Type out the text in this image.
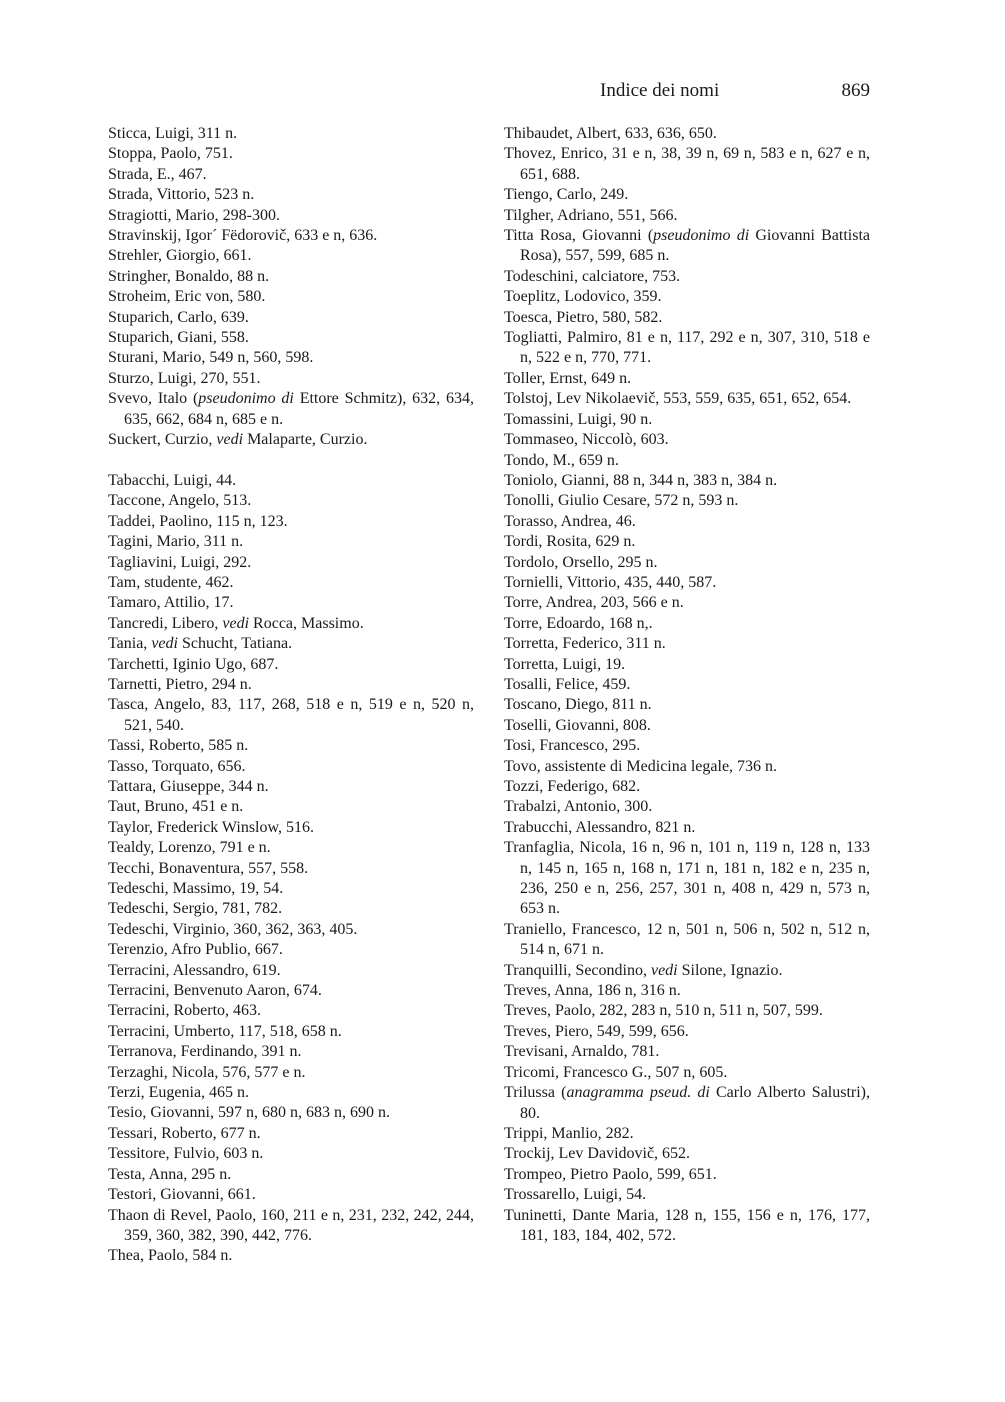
Indice dei nomi	869
Sticca, Luigi, 311 n.
Stoppa, Paolo, 751.
Strada, E., 467.
Strada, Vittorio, 523 n.
Stragiotti, Mario, 298-300.
Stravinskij, Igor´ Fëdorovič, 633 e n, 636.
Strehler, Giorgio, 661.
Stringher, Bonaldo, 88 n.
Stroheim, Eric von, 580.
Stuparich, Carlo, 639.
Stuparich, Giani, 558.
Sturani, Mario, 549 n, 560, 598.
Sturzo, Luigi, 270, 551.
Svevo, Italo (pseudonimo di Ettore Schmitz), 632, 634, 635, 662, 684 n, 685 e n.
Suckert, Curzio, vedi Malaparte, Curzio.
Tabacchi, Luigi, 44.
Taccone, Angelo, 513.
Taddei, Paolino, 115 n, 123.
Tagini, Mario, 311 n.
Tagliavini, Luigi, 292.
Tam, studente, 462.
Tamaro, Attilio, 17.
Tancredi, Libero, vedi Rocca, Massimo.
Tania, vedi Schucht, Tatiana.
Tarchetti, Iginio Ugo, 687.
Tarnetti, Pietro, 294 n.
Tasca, Angelo, 83, 117, 268, 518 e n, 519 e n, 520 n, 521, 540.
Tassi, Roberto, 585 n.
Tasso, Torquato, 656.
Tattara, Giuseppe, 344 n.
Taut, Bruno, 451 e n.
Taylor, Frederick Winslow, 516.
Tealdy, Lorenzo, 791 e n.
Tecchi, Bonaventura, 557, 558.
Tedeschi, Massimo, 19, 54.
Tedeschi, Sergio, 781, 782.
Tedeschi, Virginio, 360, 362, 363, 405.
Terenzio, Afro Publio, 667.
Terracini, Alessandro, 619.
Terracini, Benvenuto Aaron, 674.
Terracini, Roberto, 463.
Terracini, Umberto, 117, 518, 658 n.
Terranova, Ferdinando, 391 n.
Terzaghi, Nicola, 576, 577 e n.
Terzi, Eugenia, 465 n.
Tesio, Giovanni, 597 n, 680 n, 683 n, 690 n.
Tessari, Roberto, 677 n.
Tessitore, Fulvio, 603 n.
Testa, Anna, 295 n.
Testori, Giovanni, 661.
Thaon di Revel, Paolo, 160, 211 e n, 231, 232, 242, 244, 359, 360, 382, 390, 442, 776.
Thea, Paolo, 584 n.
Thibaudet, Albert, 633, 636, 650.
Thovez, Enrico, 31 e n, 38, 39 n, 69 n, 583 e n, 627 e n, 651, 688.
Tiengo, Carlo, 249.
Tilgher, Adriano, 551, 566.
Titta Rosa, Giovanni (pseudonimo di Giovanni Battista Rosa), 557, 599, 685 n.
Todeschini, calciatore, 753.
Toeplitz, Lodovico, 359.
Toesca, Pietro, 580, 582.
Togliatti, Palmiro, 81 e n, 117, 292 e n, 307, 310, 518 e n, 522 e n, 770, 771.
Toller, Ernst, 649 n.
Tolstoj, Lev Nikolaevič, 553, 559, 635, 651, 652, 654.
Tomassini, Luigi, 90 n.
Tommaseo, Niccolò, 603.
Tondo, M., 659 n.
Toniolo, Gianni, 88 n, 344 n, 383 n, 384 n.
Tonolli, Giulio Cesare, 572 n, 593 n.
Torasso, Andrea, 46.
Tordi, Rosita, 629 n.
Tordolo, Orsello, 295 n.
Tornielli, Vittorio, 435, 440, 587.
Torre, Andrea, 203, 566 e n.
Torre, Edoardo, 168 n,.
Torretta, Federico, 311 n.
Torretta, Luigi, 19.
Tosalli, Felice, 459.
Toscano, Diego, 811 n.
Toselli, Giovanni, 808.
Tosi, Francesco, 295.
Tovo, assistente di Medicina legale, 736 n.
Tozzi, Federigo, 682.
Trabalzi, Antonio, 300.
Trabucchi, Alessandro, 821 n.
Tranfaglia, Nicola, 16 n, 96 n, 101 n, 119 n, 128 n, 133 n, 145 n, 165 n, 168 n, 171 n, 181 n, 182 e n, 235 n, 236, 250 e n, 256, 257, 301 n, 408 n, 429 n, 573 n, 653 n.
Traniello, Francesco, 12 n, 501 n, 506 n, 502 n, 512 n, 514 n, 671 n.
Tranquilli, Secondino, vedi Silone, Ignazio.
Treves, Anna, 186 n, 316 n.
Treves, Paolo, 282, 283 n, 510 n, 511 n, 507, 599.
Treves, Piero, 549, 599, 656.
Trevisani, Arnaldo, 781.
Tricomi, Francesco G., 507 n, 605.
Trilussa (anagramma pseud. di Carlo Alberto Salustri), 80.
Trippi, Manlio, 282.
Trockij, Lev Davidovič, 652.
Trompeo, Pietro Paolo, 599, 651.
Trossarello, Luigi, 54.
Tuninetti, Dante Maria, 128 n, 155, 156 e n, 176, 177, 181, 183, 184, 402, 572.
